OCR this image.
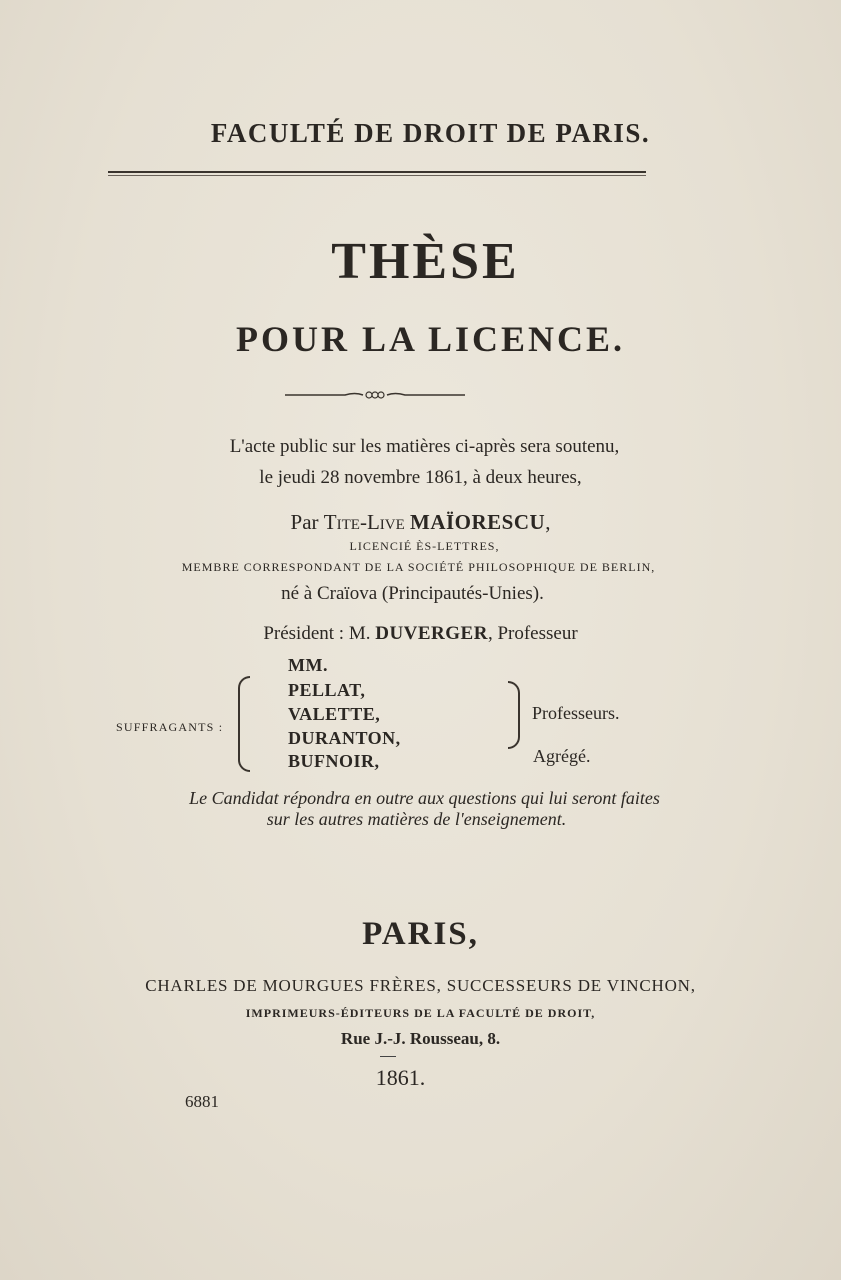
FACULTÉ DE DROIT DE PARIS.
THÈSE
POUR LA LICENCE.
L'acte public sur les matières ci-après sera soutenu,
le jeudi 28 novembre 1861, à deux heures,
Par Tite-Live MAÏORESCU,
LICENCIÉ ÈS-LETTRES,
MEMBRE CORRESPONDANT DE LA SOCIÉTÉ PHILOSOPHIQUE DE BERLIN,
né à Craïova (Principautés-Unies).
Président : M. DUVERGER, Professeur
MM.
PELLAT,
VALETTE,
DURANTON,
BUFNOIR,
SUFFRAGANTS :
Professeurs.
Agrégé.
Le Candidat répondra en outre aux questions qui lui seront faites
sur les autres matières de l'enseignement.
PARIS,
CHARLES DE MOURGUES FRÈRES, SUCCESSEURS DE VINCHON,
IMPRIMEURS-ÉDITEURS DE LA FACULTÉ DE DROIT,
Rue J.-J. Rousseau, 8.
1861.
6881
